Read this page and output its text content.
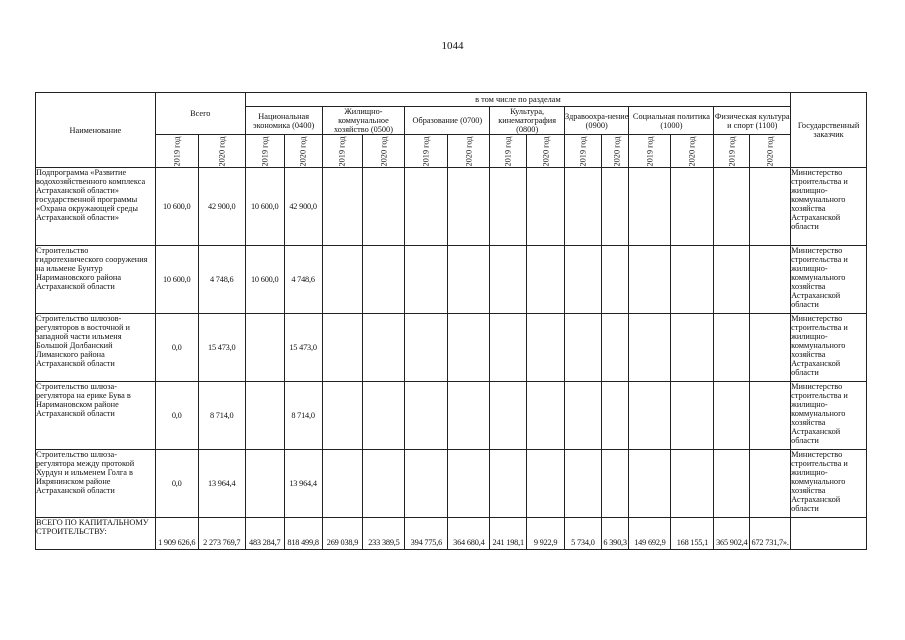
1044
Наименование	Всего		в том числе по разделам														Государственный заказчик
			Национальная экономика (0400)		Жилищно-коммунальное хозяйство (0500)		Образование (0700)		Культура, кинематография (0800)		Здравоохра-нение (0900)		Социальная политика (1000)		Физическая культура и спорт (1100)		
	2019 год	2020 год	2019 год	2020 год	2019 год	2020 год	2019 год	2020 год	2019 год	2020 год	2019 год	2020 год	2019 год	2020 год	2019 год	2020 год	
Подпрограмма «Развитие водохозяйственного комплекса Астраханской области» государственной программы «Охрана окружающей среды Астраханской области»	10 600,0	42 900,0	10 600,0	42 900,0													Министерство строительства и жилищно-коммунального хозяйства Астраханской области
Строительство гидротехнического сооружения на ильмене Бунтур Наримановского района Астраханской области	10 600,0	4 748,6	10 600,0	4 748,6													Министерство строительства и жилищно-коммунального хозяйства Астраханской области
Строительство шлюзов-регуляторов в восточной и западной части ильменя Большой Долбанский Лиманского района Астраханской области	0,0	15 473,0		15 473,0													Министерство строительства и жилищно-коммунального хозяйства Астраханской области
Строительство шлюза-регулятора на ерике Бува в Наримановском районе Астраханской области	0,0	8 714,0		8 714,0													Министерство строительства и жилищно-коммунального хозяйства Астраханской области
Строительство шлюза-регулятора между протокой Хурдун и ильменем Голга в Икрянинском районе Астраханской области	0,0	13 964,4		13 964,4													Министерство строительства и жилищно-коммунального хозяйства Астраханской области
ВСЕГО ПО КАПИТАЛЬНОМУ СТРОИТЕЛЬСТВУ:	1 909 626,6	2 273 769,7	483 284,7	818 499,8	269 038,9	233 389,5	394 775,6	364 680,4	241 198,1	9 922,9	5 734,0	6 390,3	149 692,9	168 155,1	365 902,4	672 731,7».	
